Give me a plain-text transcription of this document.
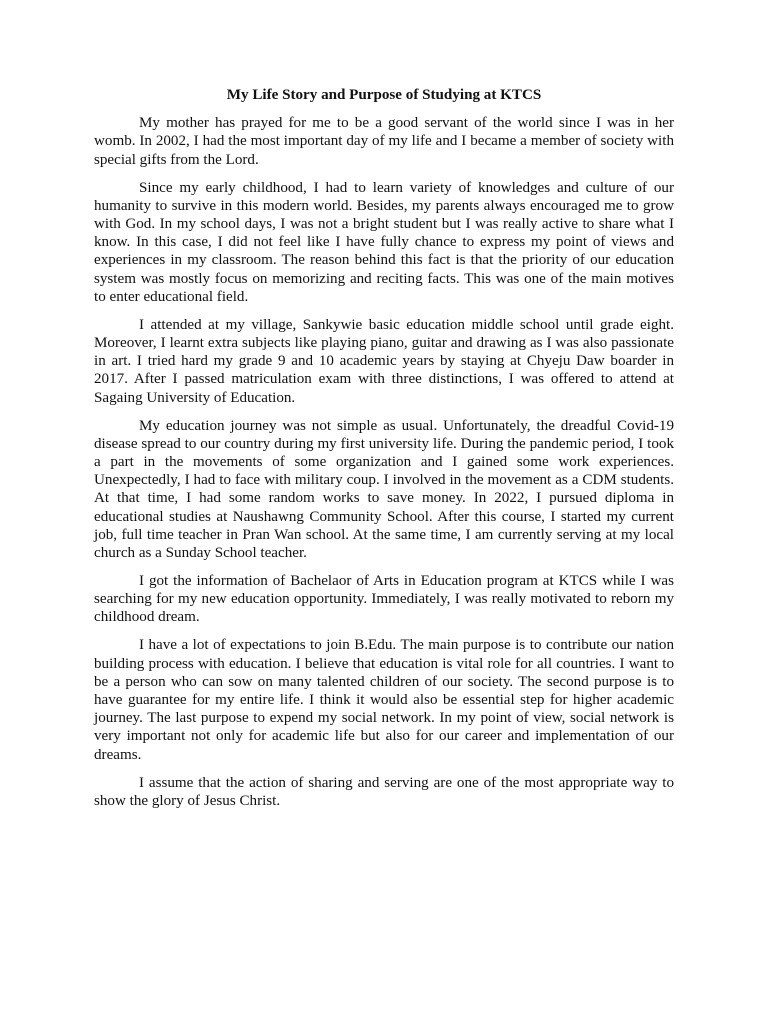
My Life Story and Purpose of Studying at KTCS

My mother has prayed for me to be a good servant of the world since I was in her womb. In 2002, I had the most important day of my life and I became a member of society with special gifts from the Lord.

Since my early childhood, I had to learn variety of knowledges and culture of our humanity to survive in this modern world. Besides, my parents always encouraged me to grow with God. In my school days, I was not a bright student but I was really active to share what I know. In this case, I did not feel like I have fully chance to express my point of views and experiences in my classroom. The reason behind this fact is that the priority of our education system was mostly focus on memorizing and reciting facts. This was one of the main motives to enter educational field.

I attended at my village, Sankywie basic education middle school until grade eight. Moreover, I learnt extra subjects like playing piano, guitar and drawing as I was also passionate in art. I tried hard my grade 9 and 10 academic years by staying at Chyeju Daw boarder in 2017. After I passed matriculation exam with three distinctions, I was offered to attend at Sagaing University of Education.

My education journey was not simple as usual. Unfortunately, the dreadful Covid-19 disease spread to our country during my first university life. During the pandemic period, I took a part in the movements of some organization and I gained some work experiences. Unexpectedly, I had to face with military coup. I involved in the movement as a CDM students. At that time, I had some random works to save money. In 2022, I pursued diploma in educational studies at Naushawng Community School. After this course, I started my current job, full time teacher in Pran Wan school. At the same time, I am currently serving at my local church as a Sunday School teacher.

I got the information of Bachelaor of Arts in Education program at KTCS while I was searching for my new education opportunity. Immediately, I was really motivated to reborn my childhood dream.

I have a lot of expectations to join B.Edu. The main purpose is to contribute our nation building process with education. I believe that education is vital role for all countries. I want to be a person who can sow on many talented children of our society. The second purpose is to have guarantee for my entire life. I think it would also be essential step for higher academic journey. The last purpose to expend my social network. In my point of view, social network is very important not only for academic life but also for our career and implementation of our dreams.

I assume that the action of sharing and serving are one of the most appropriate way to show the glory of Jesus Christ.
